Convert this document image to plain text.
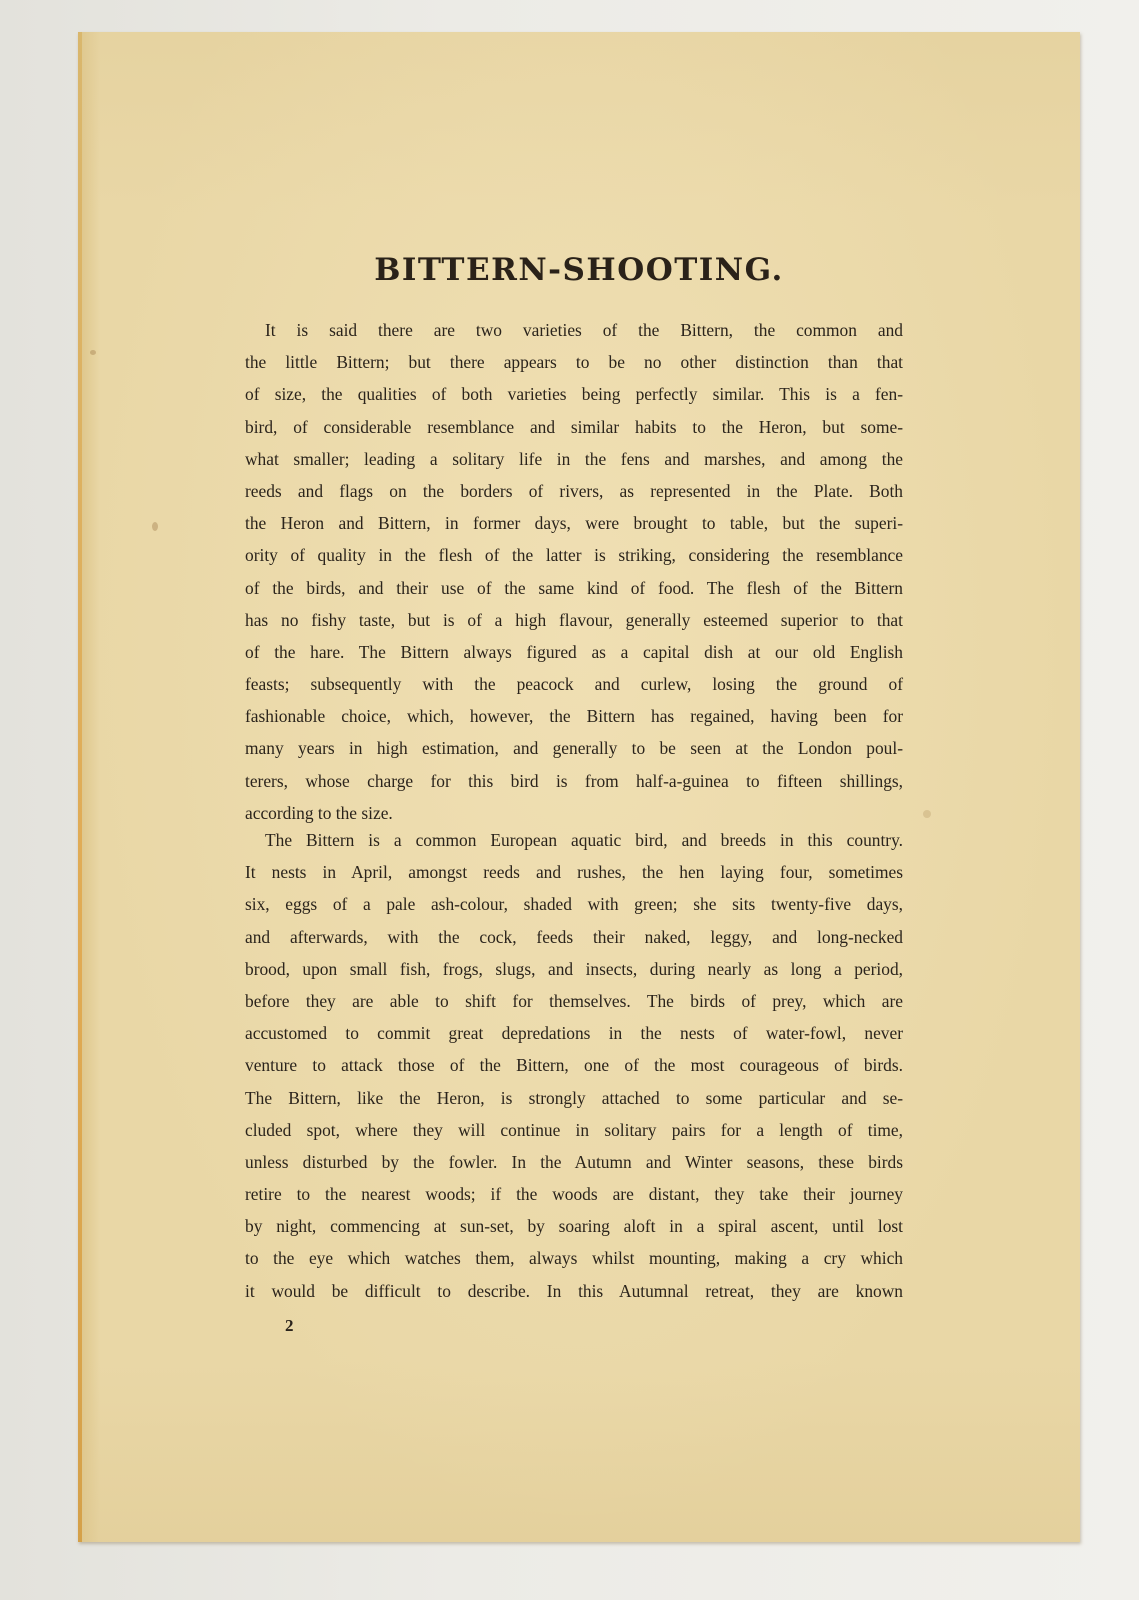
BITTERN-SHOOTING.
It is said there are two varieties of the Bittern, the common and
the little Bittern; but there appears to be no other distinction than that
of size, the qualities of both varieties being perfectly similar. This is a fen-
bird, of considerable resemblance and similar habits to the Heron, but some-
what smaller; leading a solitary life in the fens and marshes, and among the
reeds and flags on the borders of rivers, as represented in the Plate. Both
the Heron and Bittern, in former days, were brought to table, but the superi-
ority of quality in the flesh of the latter is striking, considering the resemblance
of the birds, and their use of the same kind of food. The flesh of the Bittern
has no fishy taste, but is of a high flavour, generally esteemed superior to that
of the hare. The Bittern always figured as a capital dish at our old English
feasts; subsequently with the peacock and curlew, losing the ground of
fashionable choice, which, however, the Bittern has regained, having been for
many years in high estimation, and generally to be seen at the London poul-
terers, whose charge for this bird is from half-a-guinea to fifteen shillings,
according to the size.
The Bittern is a common European aquatic bird, and breeds in this country.
It nests in April, amongst reeds and rushes, the hen laying four, sometimes
six, eggs of a pale ash-colour, shaded with green; she sits twenty-five days,
and afterwards, with the cock, feeds their naked, leggy, and long-necked
brood, upon small fish, frogs, slugs, and insects, during nearly as long a period,
before they are able to shift for themselves. The birds of prey, which are
accustomed to commit great depredations in the nests of water-fowl, never
venture to attack those of the Bittern, one of the most courageous of birds.
The Bittern, like the Heron, is strongly attached to some particular and se-
cluded spot, where they will continue in solitary pairs for a length of time,
unless disturbed by the fowler. In the Autumn and Winter seasons, these birds
retire to the nearest woods; if the woods are distant, they take their journey
by night, commencing at sun-set, by soaring aloft in a spiral ascent, until lost
to the eye which watches them, always whilst mounting, making a cry which
it would be difficult to describe. In this Autumnal retreat, they are known
2
